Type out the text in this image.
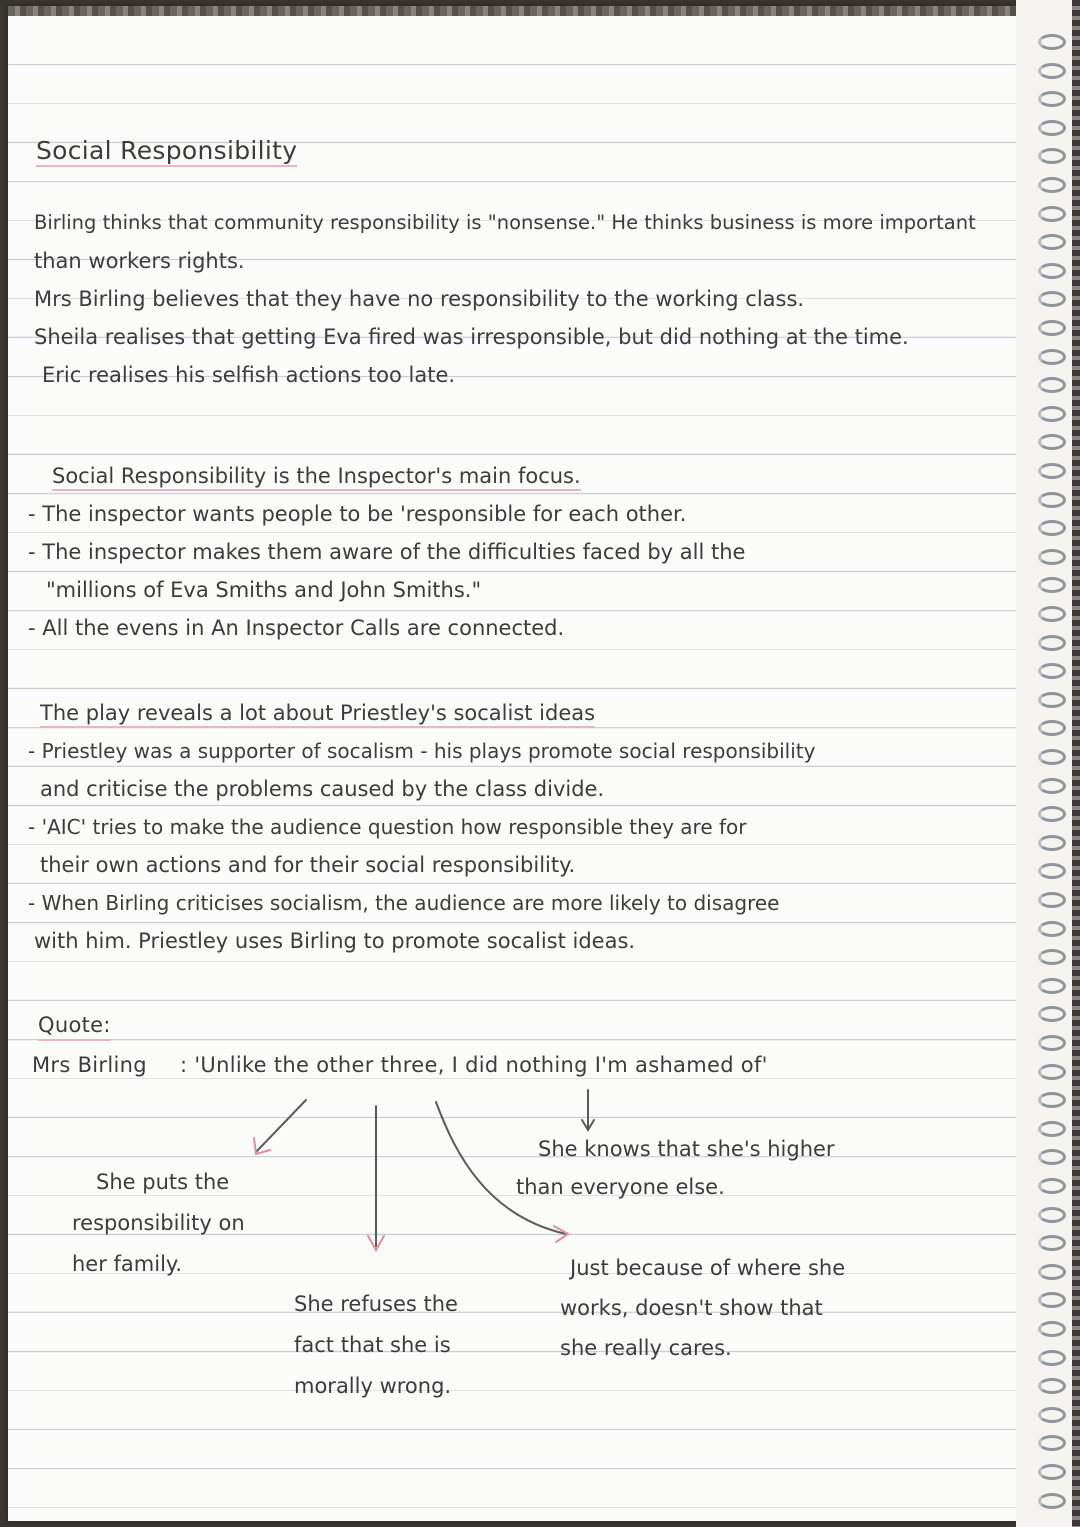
Social Responsibility

Birling thinks that community responsibility is "nonsense." He thinks business is more important
than workers rights.
Mrs Birling believes that they have no responsibility to the working class.
Sheila realises that getting Eva fired was irresponsible, but did nothing at the time.
Eric realises his selfish actions too late.
Social Responsibility is the Inspector's main focus.
- The inspector wants people to be 'responsible for each other.
- The inspector makes them aware of the difficulties faced by all the
"millions of Eva Smiths and John Smiths."
- All the evens in An Inspector Calls are connected.
The play reveals a lot about Priestley's socalist ideas
- Priestley was a supporter of socalism - his plays promote social responsibility
and criticise the problems caused by the class divide.
- 'AIC' tries to make the audience question how responsible they are for
their own actions and for their social responsibility.
- When Birling criticises socialism, the audience are more likely to disagree
with him. Priestley uses Birling to promote socalist ideas.

Quote:

Mrs Birling : 'Unlike the other three, I did nothing I'm ashamed of'

She puts the
responsibility on
her family.
She refuses the
fact that she is
morally wrong.
She knows that she's higher
than everyone else.
Just because of where she
works, doesn't show that
she really cares.
